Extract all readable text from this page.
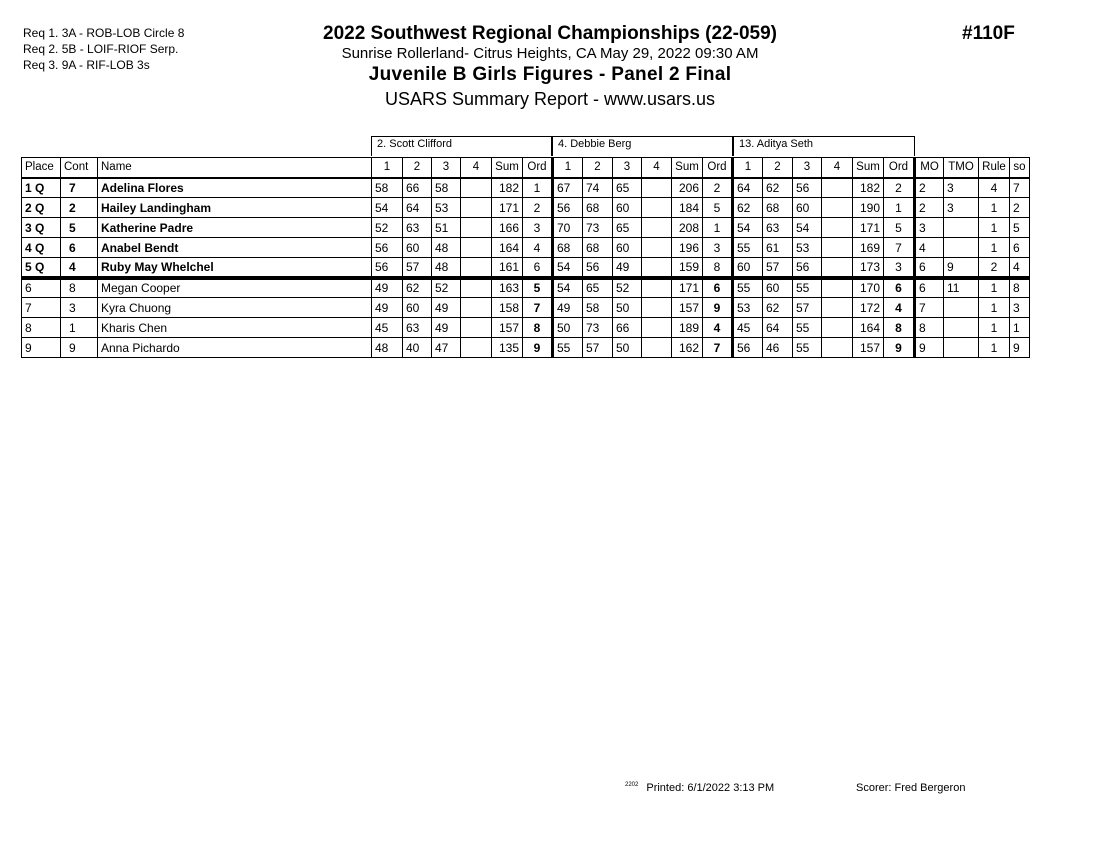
Req 1. 3A - ROB-LOB Circle 8
Req 2. 5B - LOIF-RIOF Serp.
Req 3. 9A - RIF-LOB 3s
2022 Southwest Regional Championships (22-059)
Sunrise Rollerland- Citrus Heights, CA May 29, 2022 09:30 AM
Juvenile B Girls Figures - Panel 2 Final
USARS Summary Report - www.usars.us
#110F
2. Scott Clifford	4. Debbie Berg	13. Aditya Seth
Place	Cont	Name	1	2	3	4	Sum	Ord	1	2	3	4	Sum	Ord	1	2	3	4	Sum	Ord	MO	TMO	Rule	so
1 Q	7	Adelina Flores	58	66	58		182	1	67	74	65		206	2	64	62	56		182	2	2	3	4	7
2 Q	2	Hailey Landingham	54	64	53		171	2	56	68	60		184	5	62	68	60		190	1	2	3	1	2
3 Q	5	Katherine Padre	52	63	51		166	3	70	73	65		208	1	54	63	54		171	5	3		1	5
4 Q	6	Anabel Bendt	56	60	48		164	4	68	68	60		196	3	55	61	53		169	7	4		1	6
5 Q	4	Ruby May Whelchel	56	57	48		161	6	54	56	49		159	8	60	57	56		173	3	6	9	2	4
6	8	Megan Cooper	49	62	52		163	5	54	65	52		171	6	55	60	55		170	6	6	11	1	8
7	3	Kyra Chuong	49	60	49		158	7	49	58	50		157	9	53	62	57		172	4	7		1	3
8	1	Kharis Chen	45	63	49		157	8	50	73	66		189	4	45	64	55		164	8	8		1	1
9	9	Anna Pichardo	48	40	47		135	9	55	57	50		162	7	56	46	55		157	9	9		1	9
$^{2202}$ Printed: 6/1/2022 3:13 PM	Scorer: Fred Bergeron
